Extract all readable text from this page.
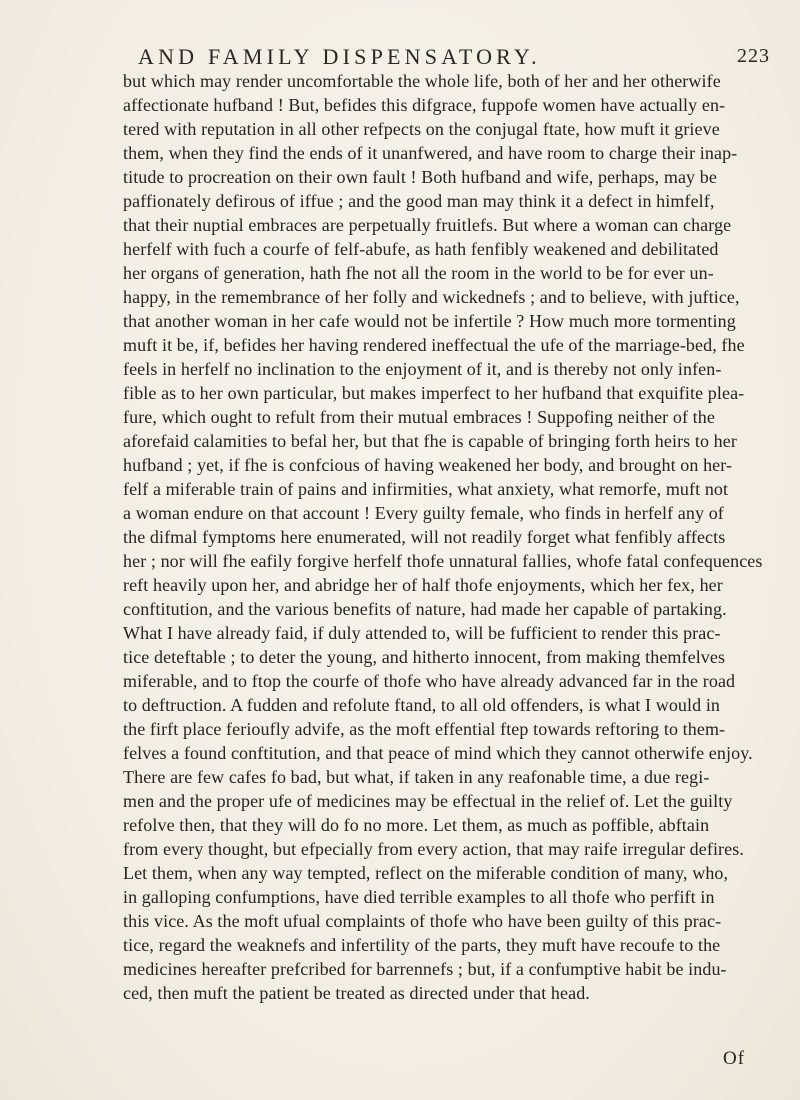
AND FAMILY DISPENSATORY.	223
but which may render uncomfortable the whole life, both of her and her otherwife
affectionate hufband ! But, befides this difgrace, fuppofe women have actually en-
tered with reputation in all other refpects on the conjugal ftate, how muft it grieve
them, when they find the ends of it unanfwered, and have room to charge their inap-
titude to procreation on their own fault ! Both hufband and wife, perhaps, may be
paffionately defirous of iffue ; and the good man may think it a defect in himfelf,
that their nuptial embraces are perpetually fruitlefs. But where a woman can charge
herfelf with fuch a courfe of felf-abufe, as hath fenfibly weakened and debilitated
her organs of generation, hath fhe not all the room in the world to be for ever un-
happy, in the remembrance of her folly and wickednefs ; and to believe, with juftice,
that another woman in her cafe would not be infertile ? How much more tormenting
muft it be, if, befides her having rendered ineffectual the ufe of the marriage-bed, fhe
feels in herfelf no inclination to the enjoyment of it, and is thereby not only infen-
fible as to her own particular, but makes imperfect to her hufband that exquifite plea-
fure, which ought to refult from their mutual embraces ! Suppofing neither of the
aforefaid calamities to befal her, but that fhe is capable of bringing forth heirs to her
hufband ; yet, if fhe is confcious of having weakened her body, and brought on her-
felf a miferable train of pains and infirmities, what anxiety, what remorfe, muft not
a woman endure on that account ! Every guilty female, who finds in herfelf any of
the difmal fymptoms here enumerated, will not readily forget what fenfibly affects
her ; nor will fhe eafily forgive herfelf thofe unnatural fallies, whofe fatal confequences
reft heavily upon her, and abridge her of half thofe enjoyments, which her fex, her
conftitution, and the various benefits of nature, had made her capable of partaking.
What I have already faid, if duly attended to, will be fufficient to render this prac-
tice deteftable ; to deter the young, and hitherto innocent, from making themfelves
miferable, and to ftop the courfe of thofe who have already advanced far in the road
to deftruction. A fudden and refolute ftand, to all old offenders, is what I would in
the firft place ferioufly advife, as the moft effential ftep towards reftoring to them-
felves a found conftitution, and that peace of mind which they cannot otherwife enjoy.
There are few cafes fo bad, but what, if taken in any reafonable time, a due regi-
men and the proper ufe of medicines may be effectual in the relief of. Let the guilty
refolve then, that they will do fo no more. Let them, as much as poffible, abftain
from every thought, but efpecially from every action, that may raife irregular defires.
Let them, when any way tempted, reflect on the miferable condition of many, who,
in galloping confumptions, have died terrible examples to all thofe who perfift in
this vice. As the moft ufual complaints of thofe who have been guilty of this prac-
tice, regard the weaknefs and infertility of the parts, they muft have recoufe to the
medicines hereafter prefcribed for barrennefs ; but, if a confumptive habit be indu-
ced, then muft the patient be treated as directed under that head.
Of
